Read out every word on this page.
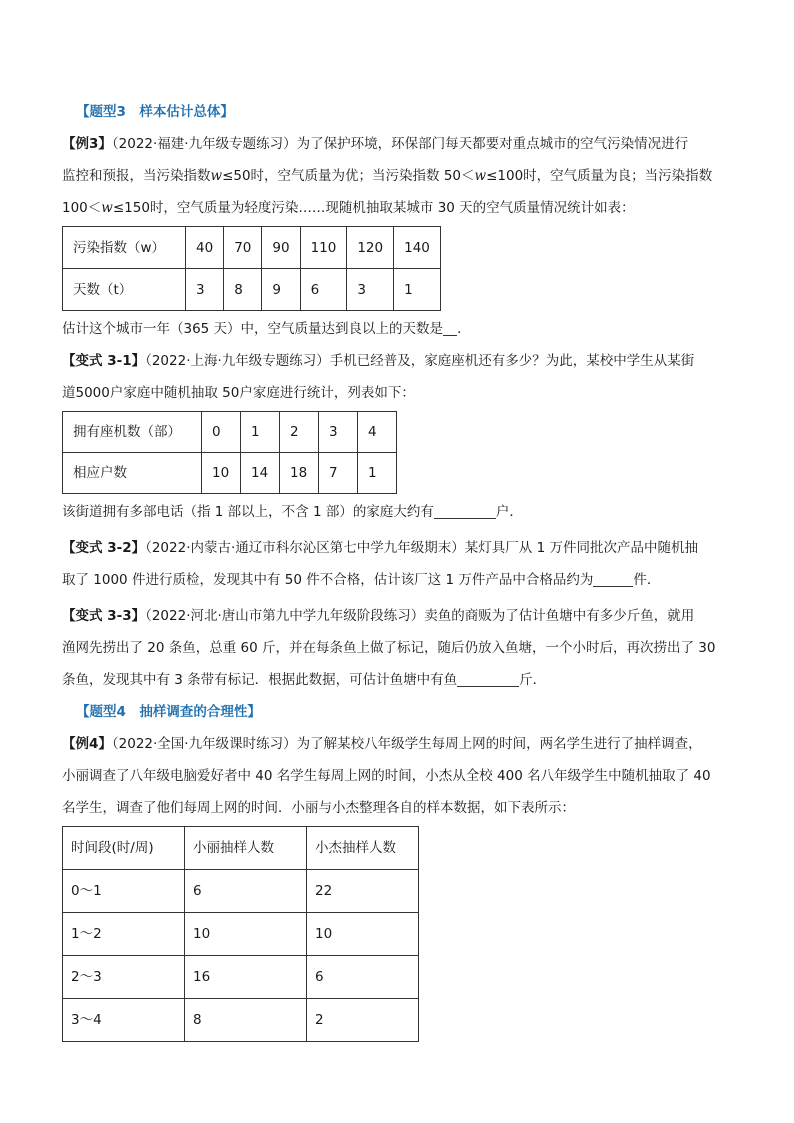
【题型3　样本估计总体】

【例3】（2022·福建·九年级专题练习）为了保护环境，环保部门每天都要对重点城市的空气污染情况进行
监控和预报，当污染指数w≤50时，空气质量为优；当污染指数 50＜w≤100时，空气质量为良；当污染指数
100＜w≤150时，空气质量为轻度污染……现随机抽取某城市 30 天的空气质量情况统计如表：

污染指数（w）	40	70	90	110	120	140
天数（t）	3	8	9	6	3	1

估计这个城市一年（365 天）中，空气质量达到良以上的天数是 ．

【变式 3-1】（2022·上海·九年级专题练习）手机已经普及，家庭座机还有多少？为此，某校中学生从某街
道5000户家庭中随机抽取 50户家庭进行统计，列表如下：

拥有座机数（部）	0	1	2	3	4
相应户数	10	14	18	7	1

该街道拥有多部电话（指 1 部以上，不含 1 部）的家庭大约有	户．

【变式 3-2】（2022·内蒙古·通辽市科尔沁区第七中学九年级期末）某灯具厂从 1 万件同批次产品中随机抽
取了 1000 件进行质检，发现其中有 50 件不合格，估计该厂这 1 万件产品中合格品约为	件．

【变式 3-3】（2022·河北·唐山市第九中学九年级阶段练习）卖鱼的商贩为了估计鱼塘中有多少斤鱼，就用
渔网先捞出了 20 条鱼，总重 60 斤，并在每条鱼上做了标记，随后仍放入鱼塘，一个小时后，再次捞出了 30
条鱼，发现其中有 3 条带有标记．根据此数据，可估计鱼塘中有鱼	斤．

【题型4　抽样调查的合理性】

【例4】（2022·全国·九年级课时练习）为了解某校八年级学生每周上网的时间，两名学生进行了抽样调查，
小丽调查了八年级电脑爱好者中 40 名学生每周上网的时间，小杰从全校 400 名八年级学生中随机抽取了 40
名学生，调查了他们每周上网的时间．小丽与小杰整理各自的样本数据，如下表所示：

时间段(时/周)	小丽抽样人数	小杰抽样人数
0～1	6	22
1～2	10	10
2～3	16	6
3～4	8	2
